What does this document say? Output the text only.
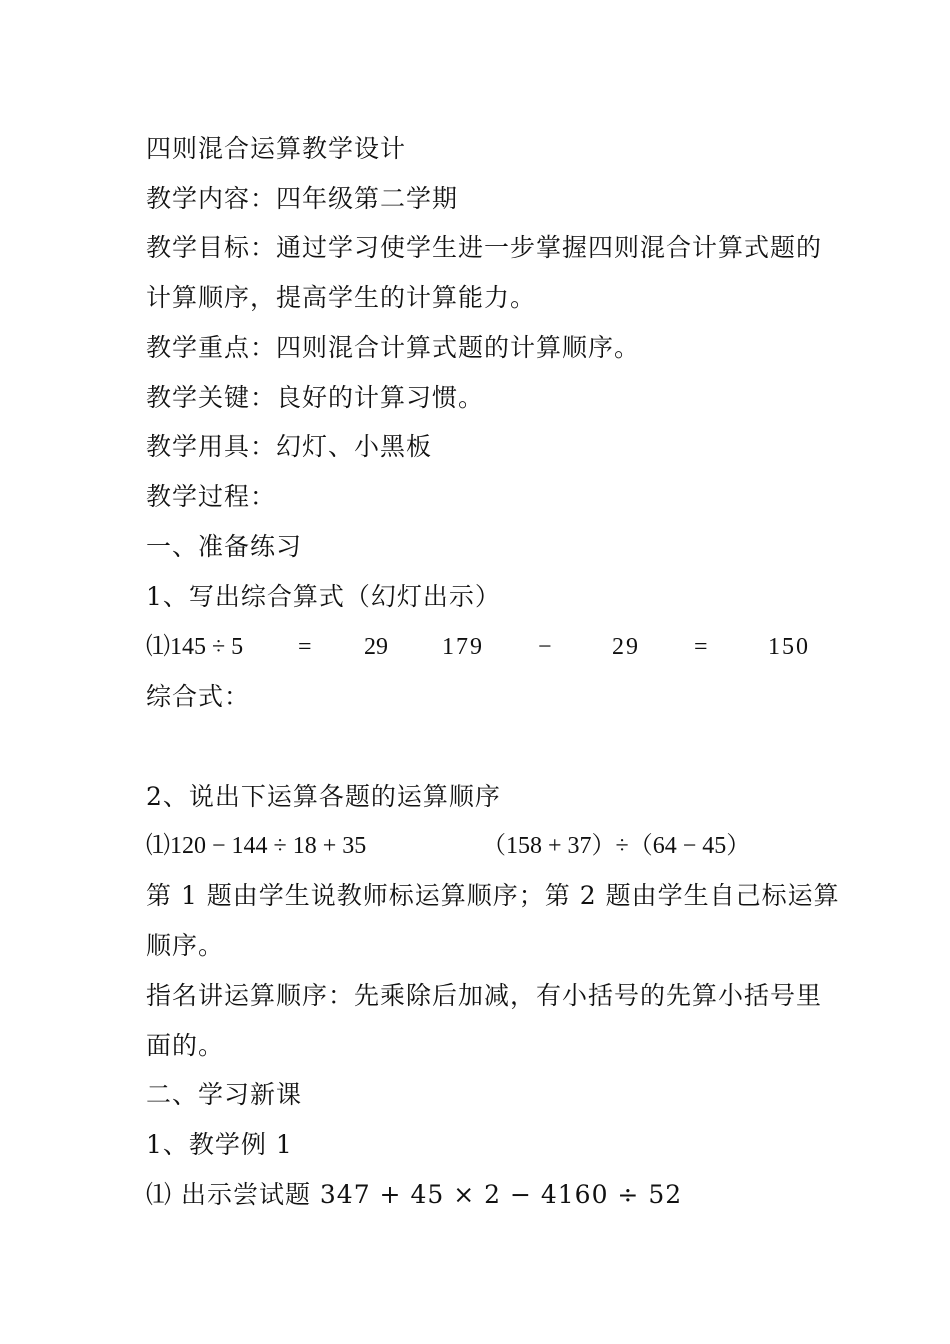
四则混合运算教学设计
教学内容：四年级第二学期
教学目标：通过学习使学生进一步掌握四则混合计算式题的
计算顺序，提高学生的计算能力。
教学重点：四则混合计算式题的计算顺序。
教学关键：良好的计算习惯。
教学用具：幻灯、小黑板
教学过程：
一、准备练习
1、写出综合算式（幻灯出示）
⑴145 ÷ 5 = 29 179 −	29 =	150
综合式：
2、说出下运算各题的运算顺序
⑴120 − 144 ÷ 18 + 35	（158 + 37）÷（64 − 45）
第 1 题由学生说教师标运算顺序；第 2 题由学生自己标运算
顺序。
指名讲运算顺序：先乘除后加减，有小括号的先算小括号里
面的。
二、学习新课
1、教学例 1
⑴ 出示尝试题 347 + 45 × 2 − 4160 ÷ 52
